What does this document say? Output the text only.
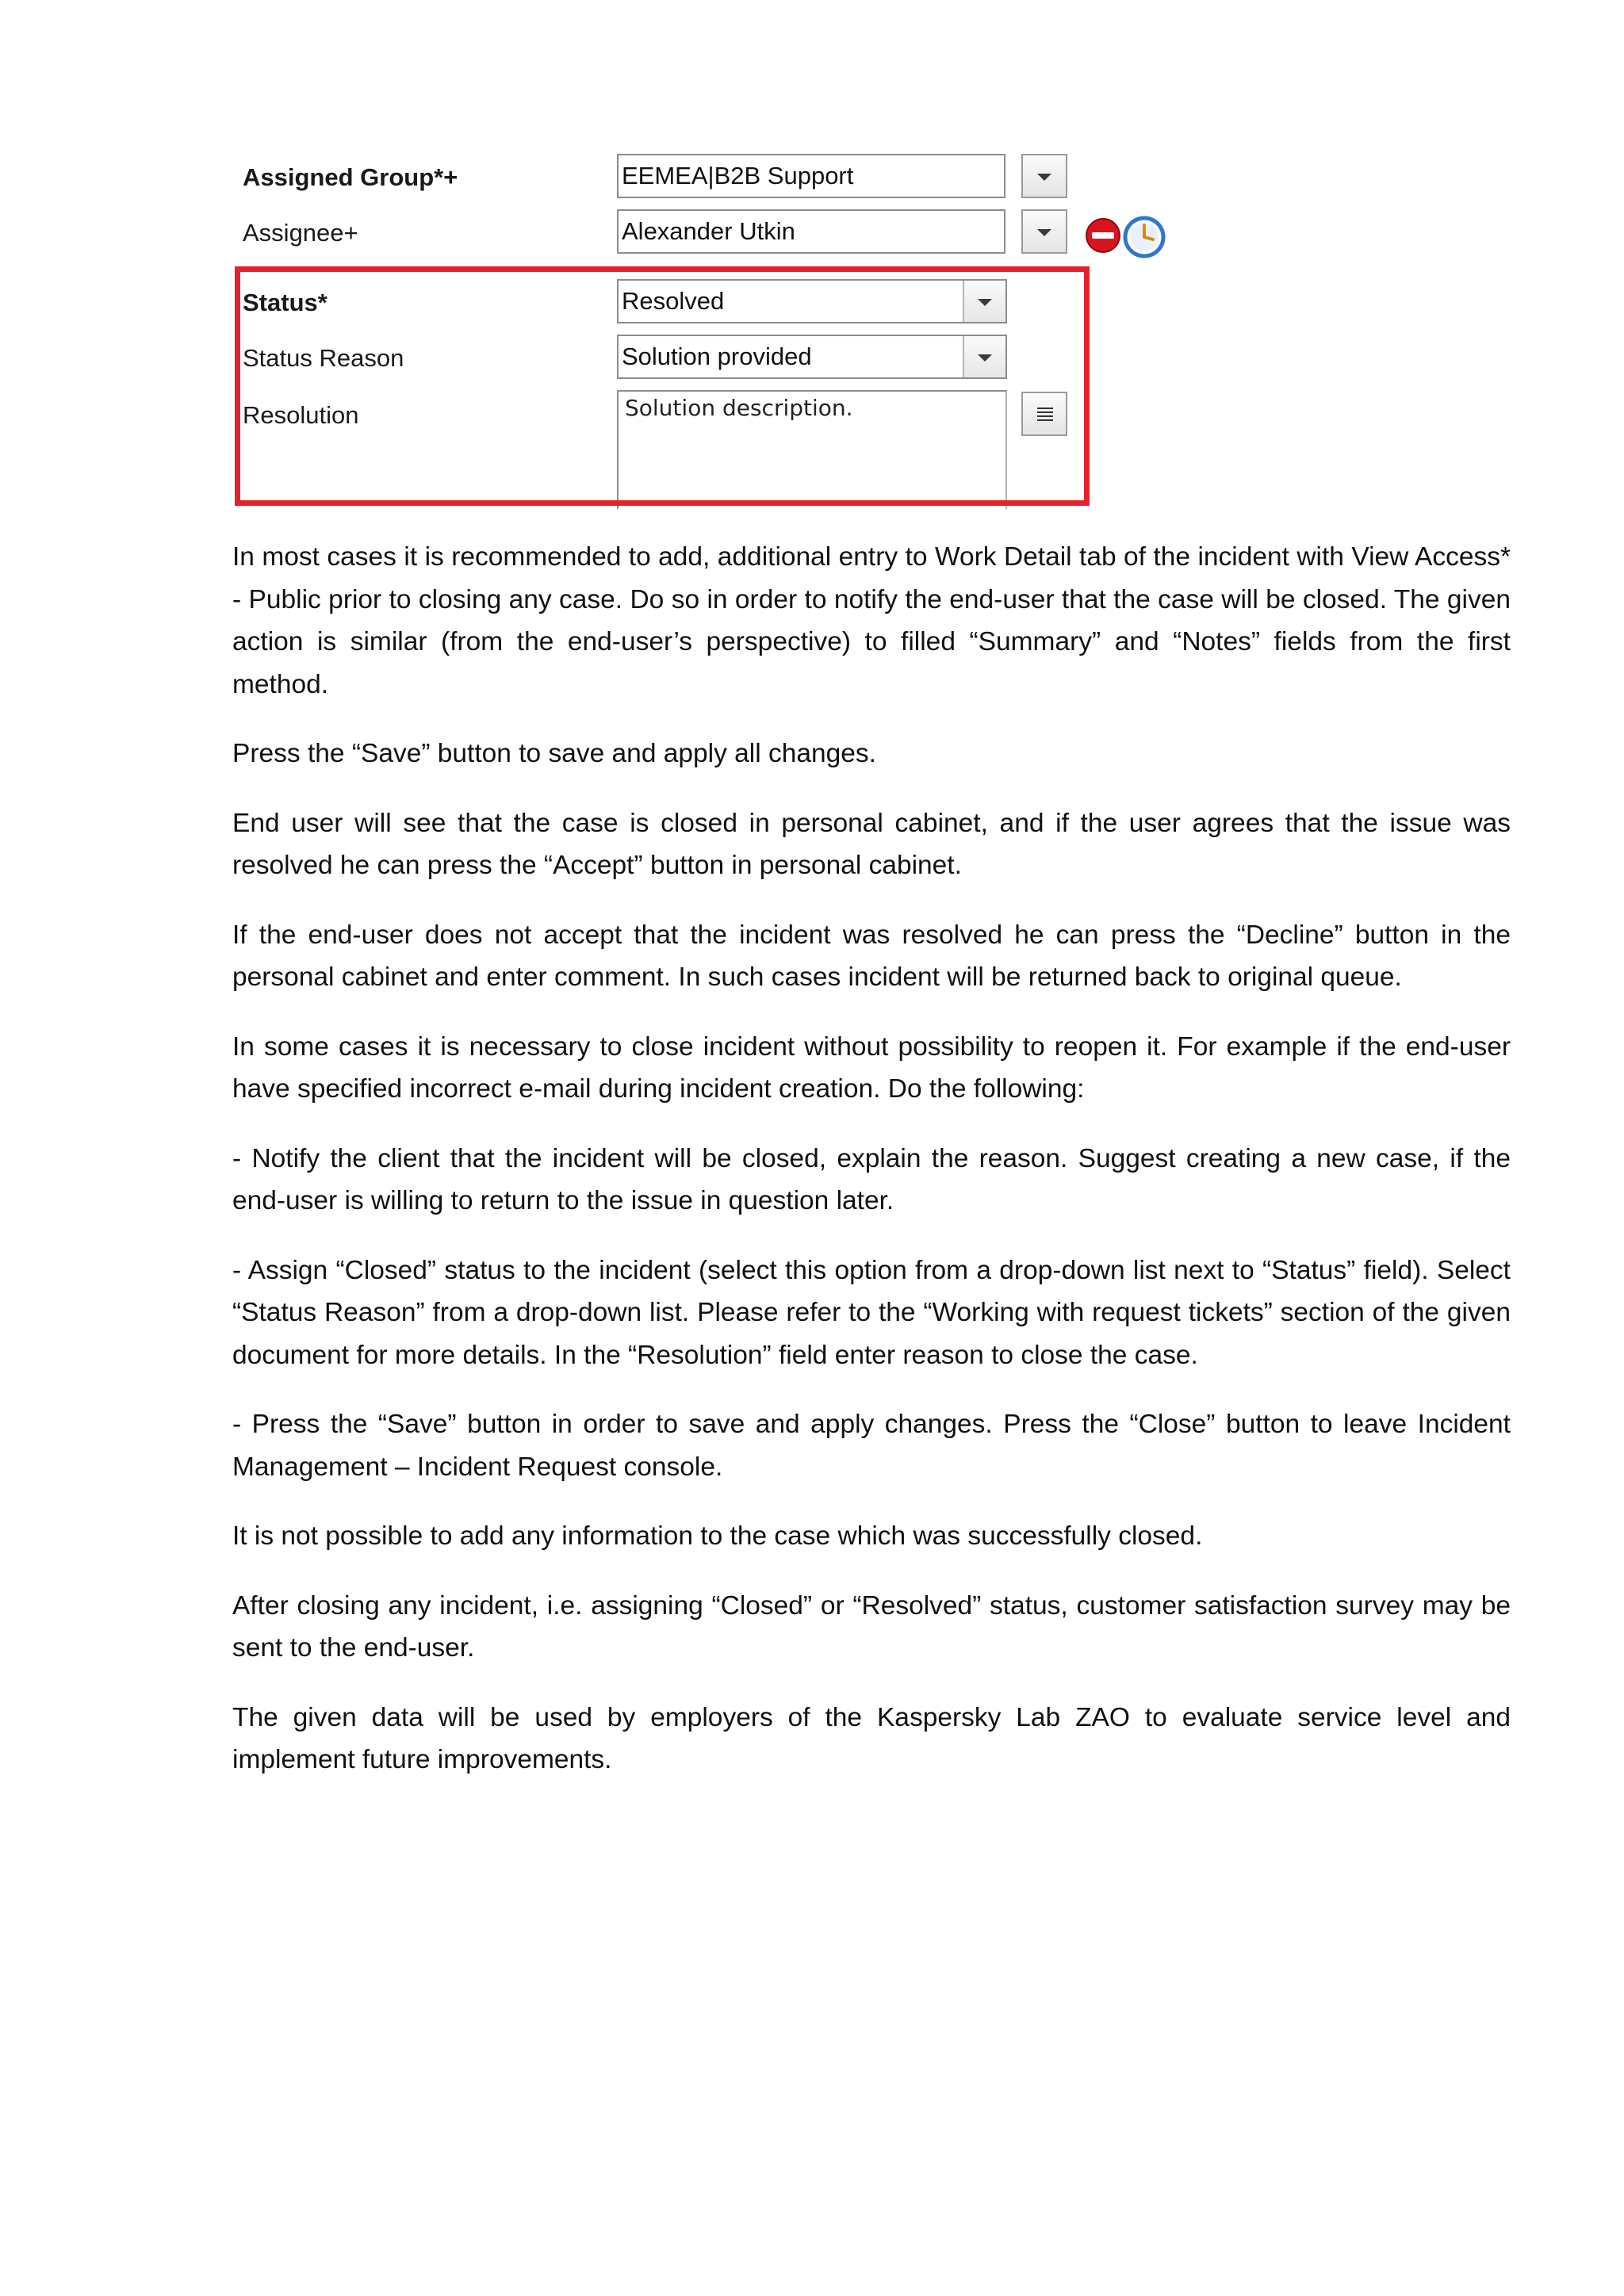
Assigned Group*+	EEMEA|B2B Support
Assignee+	Alexander Utkin
Status*	Resolved
Status Reason	Solution provided
Resolution	Solution description.

In most cases it is recommended to add, additional entry to Work Detail tab of the incident with View Access* - Public prior to closing any case. Do so in order to notify the end-user that the case will be closed. The given action is similar (from the end-user’s perspective) to filled “Summary” and “Notes” fields from the first method.

Press the “Save” button to save and apply all changes.

End user will see that the case is closed in personal cabinet, and if the user agrees that the issue was resolved he can press the “Accept” button in personal cabinet.

If the end-user does not accept that the incident was resolved he can press the “Decline” button in the personal cabinet and enter comment. In such cases incident will be returned back to original queue.

In some cases it is necessary to close incident without possibility to reopen it. For example if the end-user have specified incorrect e-mail during incident creation. Do the following:

- Notify the client that the incident will be closed, explain the reason. Suggest creating a new case, if the end-user is willing to return to the issue in question later.

- Assign “Closed” status to the incident (select this option from a drop-down list next to “Status” field). Select “Status Reason” from a drop-down list. Please refer to the “Working with request tickets” section of the given document for more details. In the “Resolution” field enter reason to close the case.

- Press the “Save” button in order to save and apply changes. Press the “Close” button to leave Incident Management – Incident Request console.

It is not possible to add any information to the case which was successfully closed.

After closing any incident, i.e. assigning “Closed” or “Resolved” status, customer satisfaction survey may be sent to the end-user.

The given data will be used by employers of the Kaspersky Lab ZAO to evaluate service level and implement future improvements.
